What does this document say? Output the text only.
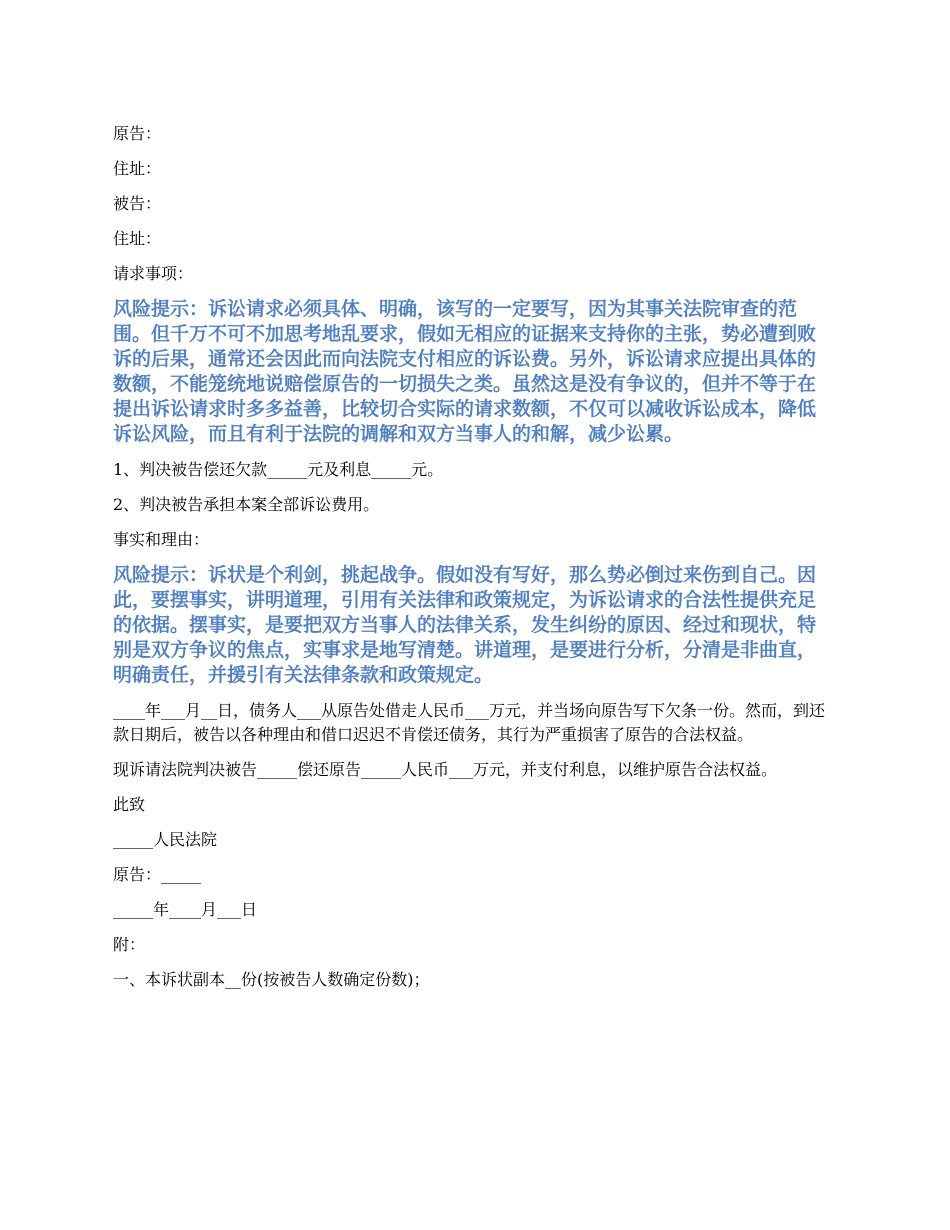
原告：

住址：

被告：

住址：

请求事项：

风险提示：诉讼请求必须具体、明确，该写的一定要写，因为其事关法院审查的范围。但千万不可不加思考地乱要求，假如无相应的证据来支持你的主张，势必遭到败诉的后果，通常还会因此而向法院支付相应的诉讼费。另外，诉讼请求应提出具体的数额，不能笼统地说赔偿原告的一切损失之类。虽然这是没有争议的，但并不等于在提出诉讼请求时多多益善，比较切合实际的请求数额，不仅可以减收诉讼成本，降低诉讼风险，而且有利于法院的调解和双方当事人的和解，减少讼累。

1、判决被告偿还欠款_____元及利息_____元。

2、判决被告承担本案全部诉讼费用。

事实和理由：

风险提示：诉状是个利剑，挑起战争。假如没有写好，那么势必倒过来伤到自己。因此，要摆事实，讲明道理，引用有关法律和政策规定，为诉讼请求的合法性提供充足的依据。摆事实，是要把双方当事人的法律关系，发生纠纷的原因、经过和现状，特别是双方争议的焦点，实事求是地写清楚。讲道理，是要进行分析，分清是非曲直，明确责任，并援引有关法律条款和政策规定。

____年___月__日，债务人___从原告处借走人民币___万元，并当场向原告写下欠条一份。然而，到还款日期后，被告以各种理由和借口迟迟不肯偿还债务，其行为严重损害了原告的合法权益。

现诉请法院判决被告_____偿还原告_____人民币___万元，并支付利息，以维护原告合法权益。

此致

_____人民法院

原告：_____

_____年____月___日

附：

一、本诉状副本__份(按被告人数确定份数)；
